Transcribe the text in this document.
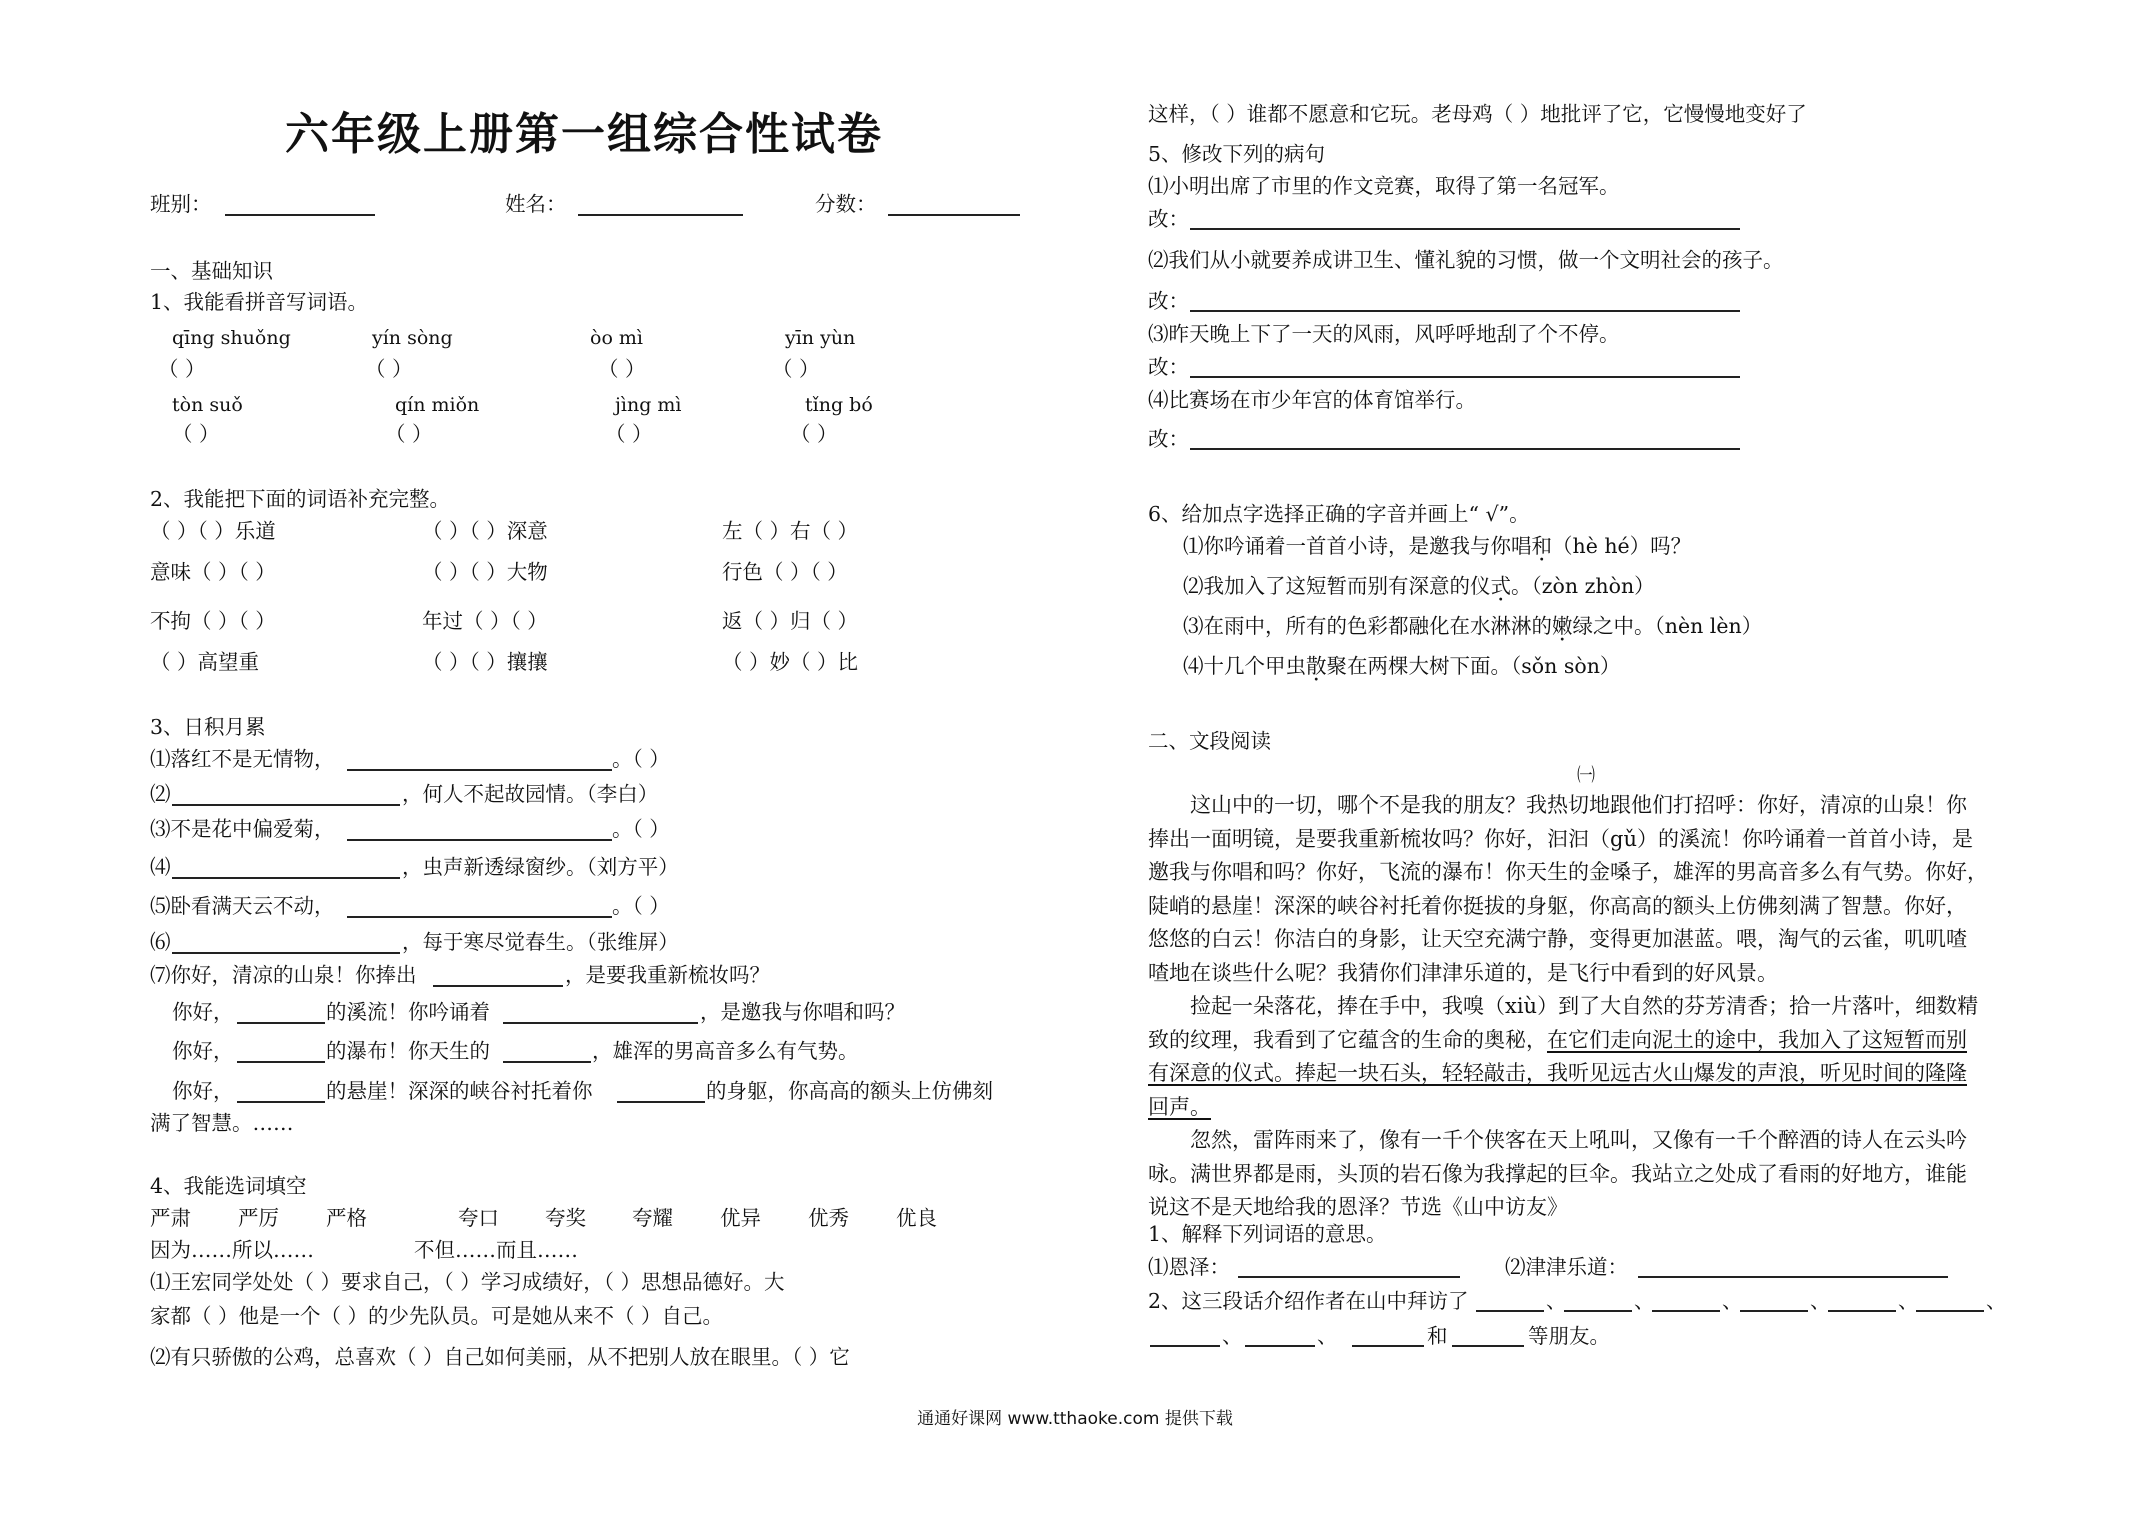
六年级上册第一组综合性试卷
班别：	姓名：	分数：
一、基础知识
1、我能看拼音写词语。
qīng shuǒng	yín sòng	òo mì	yīn yùn
（ ）	（ ）	（ ）	（ ）
tòn suǒ	qín miǒn	jìng mì	tǐng bó
（ ）	（ ）	（ ）	（ ）
2、我能把下面的词语补充完整。
（ ）（ ）乐道	（ ）（ ）深意	左（ ）右（ ）
意味（ ）（ ）	（ ）（ ）大物	行色（ ）（ ）
不拘（ ）（ ）	年过（ ）（ ）	返（ ）归（ ）
（ ）高望重	（ ）（ ）攘攘	（ ）妙（ ）比
3、日积月累
⑴落红不是无情物，	。（ ）
⑵	，何人不起故园情。（李白）
⑶不是花中偏爱菊，	。（ ）
⑷	，虫声新透绿窗纱。（刘方平）
⑸卧看满天云不动，	。（ ）
⑹	，每于寒尽觉春生。（张维屏）
⑺你好，清凉的山泉！你捧出	，是要我重新梳妆吗？
你好，	的溪流！你吟诵着	，是邀我与你唱和吗？
你好，	的瀑布！你天生的	，雄浑的男高音多么有气势。
你好，	的悬崖！深深的峡谷衬托着你	的身躯，你高高的额头上仿佛刻
满了智慧。……
4、我能选词填空
严肃 严厉 严格	夸口 夸奖 夸耀 优异 优秀 优良
因为……所以……	不但……而且……
⑴王宏同学处处（ ）要求自己，（ ）学习成绩好，（ ）思想品德好。大
家都（ ）他是一个（ ）的少先队员。可是她从来不（ ）自己。
⑵有只骄傲的公鸡，总喜欢（ ）自己如何美丽，从不把别人放在眼里。（ ）它
这样，（ ）谁都不愿意和它玩。老母鸡（ ）地批评了它，它慢慢地变好了
5、修改下列的病句
⑴小明出席了市里的作文竞赛，取得了第一名冠军。
改：
⑵我们从小就要养成讲卫生、懂礼貌的习惯，做一个文明社会的孩子。
改：
⑶昨天晚上下了一天的风雨，风呼呼地刮了个不停。
改：
⑷比赛场在市少年宫的体育馆举行。
改：
6、给加点字选择正确的字音并画上“ √”。
⑴你吟诵着一首首小诗，是邀我与你唱和（hè hé）吗？
⑵我加入了这短暂而别有深意的仪式。（zòn zhòn）
⑶在雨中，所有的色彩都融化在水淋淋的嫩绿之中。（nèn lèn）
⑷十几个甲虫散聚在两棵大树下面。（sǒn sòn）
二、文段阅读
㈠
　　这山中的一切，哪个不是我的朋友？我热切地跟他们打招呼：你好，清凉的山泉！你
捧出一面明镜，是要我重新梳妆吗？你好，汩汩（gǔ）的溪流！你吟诵着一首首小诗，是
邀我与你唱和吗？你好，飞流的瀑布！你天生的金嗓子，雄浑的男高音多么有气势。你好，
陡峭的悬崖！深深的峡谷衬托着你挺拔的身躯，你高高的额头上仿佛刻满了智慧。你好，
悠悠的白云！你洁白的身影，让天空充满宁静，变得更加湛蓝。喂，淘气的云雀，叽叽喳
喳地在谈些什么呢？我猜你们津津乐道的，是飞行中看到的好风景。
　　捡起一朵落花，捧在手中，我嗅（xiù）到了大自然的芬芳清香；拾一片落叶，细数精
致的纹理，我看到了它蕴含的生命的奥秘，在它们走向泥土的途中，我加入了这短暂而别
有深意的仪式。捧起一块石头，轻轻敲击，我听见远古火山爆发的声浪，听见时间的隆隆
回声。
　　忽然，雷阵雨来了，像有一千个侠客在天上吼叫，又像有一千个醉酒的诗人在云头吟
咏。满世界都是雨，头顶的岩石像为我撑起的巨伞。我站立之处成了看雨的好地方，谁能
说这不是天地给我的恩泽？节选《山中访友》
1、解释下列词语的意思。
⑴恩泽：	⑵津津乐道：
2、这三段话介绍作者在山中拜访了	、	、	、	、	、	、
、	、	和	等朋友。
通通好课网 www.tthaoke.com 提供下载
